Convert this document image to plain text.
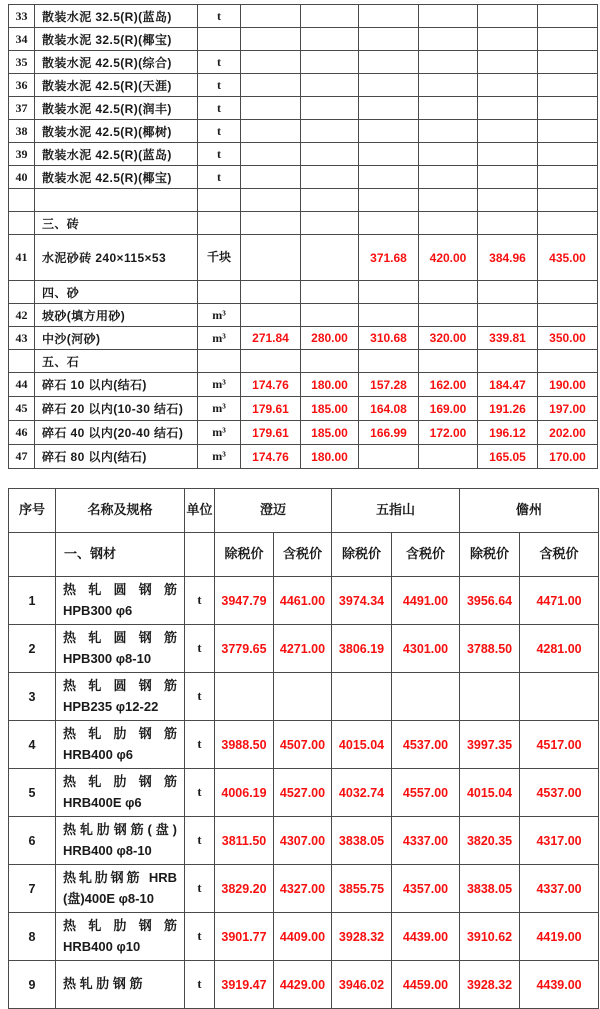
33	散装水泥 32.5(R)(蓝岛)	t						
34	散装水泥 32.5(R)(椰宝)							
35	散装水泥 42.5(R)(综合)	t						
36	散装水泥 42.5(R)(天涯)	t						
37	散装水泥 42.5(R)(润丰)	t						
38	散装水泥 42.5(R)(椰树)	t						
39	散装水泥 42.5(R)(蓝岛)	t						
40	散装水泥 42.5(R)(椰宝)	t						

	三、砖							
41	水泥砂砖 240×115×53	千块			371.68	420.00	384.96	435.00
	四、砂							
42	坡砂(填方用砂)	m³						
43	中沙(河砂)	m³	271.84	280.00	310.68	320.00	339.81	350.00
	五、石							
44	碎石 10 以内(结石)	m³	174.76	180.00	157.28	162.00	184.47	190.00
45	碎石 20 以内(10-30 结石)	m³	179.61	185.00	164.08	169.00	191.26	197.00
46	碎石 40 以内(20-40 结石)	m³	179.61	185.00	166.99	172.00	196.12	202.00
47	碎石 80 以内(结石)	m³	174.76	180.00			165.05	170.00
序号	名称及规格	单位	澄迈		五指山		儋州	
	一、钢材		除税价	含税价	除税价	含税价	除税价	含税价
1	热 轧 圆 钢 筋 HPB300 φ6	t	3947.79	4461.00	3974.34	4491.00	3956.64	4471.00
2	热 轧 圆 钢 筋 HPB300 φ8-10	t	3779.65	4271.00	3806.19	4301.00	3788.50	4281.00
3	热 轧 圆 钢 筋 HPB235 φ12-22	t						
4	热 轧 肋 钢 筋 HRB400 φ6	t	3988.50	4507.00	4015.04	4537.00	3997.35	4517.00
5	热 轧 肋 钢 筋 HRB400E φ6	t	4006.19	4527.00	4032.74	4557.00	4015.04	4537.00
6	热轧肋钢筋(盘) HRB400 φ8-10	t	3811.50	4307.00	3838.05	4337.00	3820.35	4317.00
7	热轧肋钢筋 HRB (盘)400E φ8-10	t	3829.20	4327.00	3855.75	4357.00	3838.05	4337.00
8	热 轧 肋 钢 筋 HRB400 φ10	t	3901.77	4409.00	3928.32	4439.00	3910.62	4419.00
9	热 轧 肋 钢 筋	t	3919.47	4429.00	3946.02	4459.00	3928.32	4439.00
